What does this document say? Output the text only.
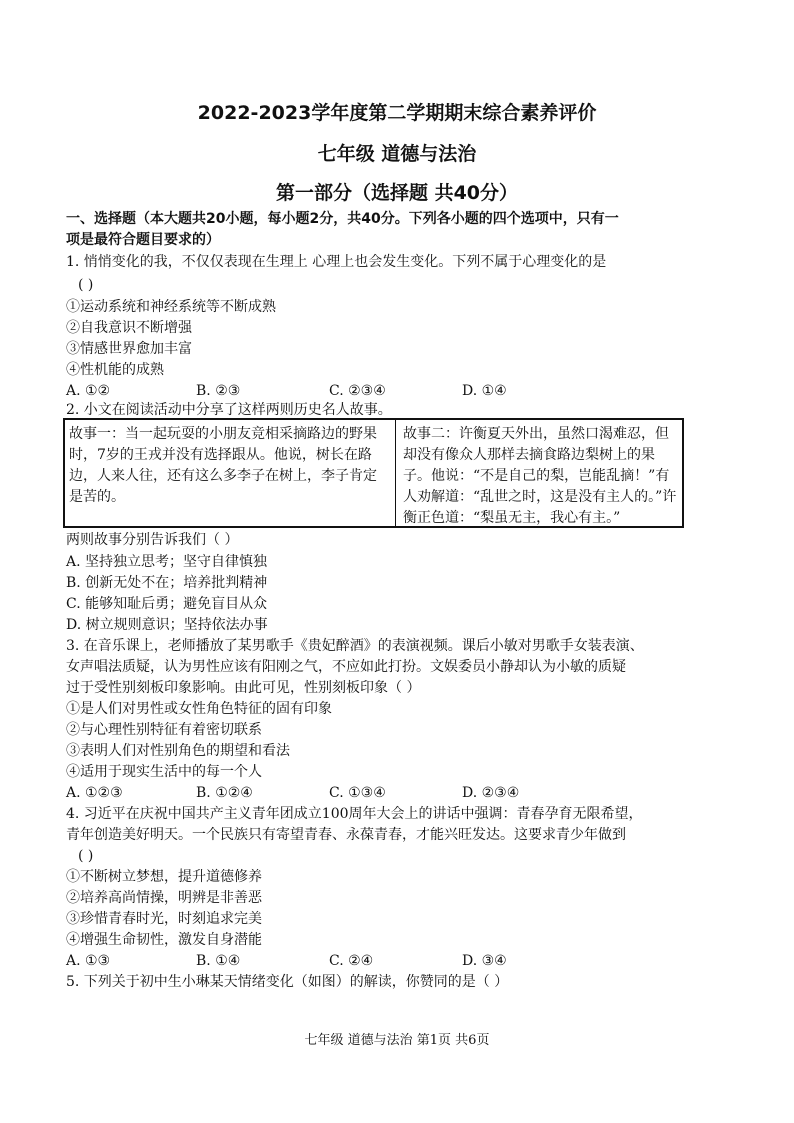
2022-2023学年度第二学期期末综合素养评价
七年级 道德与法治
第一部分（选择题 共40分）
一、选择题（本大题共20小题，每小题2分，共40分。下列各小题的四个选项中，只有一
项是最符合题目要求的）
1. 悄悄变化的我，不仅仅表现在生理上 心理上也会发生变化。下列不属于心理变化的是
( )
①运动系统和神经系统等不断成熟
②自我意识不断增强
③情感世界愈加丰富
④性机能的成熟
A. ①②	B. ②③	C. ②③④	D. ①④
2. 小文在阅读活动中分享了这样两则历史名人故事。
故事一：当一起玩耍的小朋友竞相采摘路边的野果时，7岁的王戎并没有选择跟从。他说，树长在路边，人来人往，还有这么多李子在树上，李子肯定是苦的。
故事二：许衡夏天外出，虽然口渴难忍，但却没有像众人那样去摘食路边梨树上的果子。他说：“不是自己的梨，岂能乱摘！”有人劝解道：“乱世之时，这是没有主人的。”许衡正色道：“梨虽无主，我心有主。”
两则故事分别告诉我们（ ）
A. 坚持独立思考；坚守自律慎独
B. 创新无处不在；培养批判精神
C. 能够知耻后勇；避免盲目从众
D. 树立规则意识；坚持依法办事
3. 在音乐课上，老师播放了某男歌手《贵妃醉酒》的表演视频。课后小敏对男歌手女装表演、
女声唱法质疑，认为男性应该有阳刚之气，不应如此打扮。文娱委员小静却认为小敏的质疑
过于受性别刻板印象影响。由此可见，性别刻板印象（ ）
①是人们对男性或女性角色特征的固有印象
②与心理性别特征有着密切联系
③表明人们对性别角色的期望和看法
④适用于现实生活中的每一个人
A. ①②③	B. ①②④	C. ①③④	D. ②③④
4. 习近平在庆祝中国共产主义青年团成立100周年大会上的讲话中强调：青春孕育无限希望，
青年创造美好明天。一个民族只有寄望青春、永葆青春，才能兴旺发达。这要求青少年做到
( )
①不断树立梦想，提升道德修养
②培养高尚情操，明辨是非善恶
③珍惜青春时光，时刻追求完美
④增强生命韧性，激发自身潜能
A. ①③	B. ①④	C. ②④	D. ③④
5. 下列关于初中生小琳某天情绪变化（如图）的解读，你赞同的是（ ）
七年级 道德与法治 第1页 共6页
